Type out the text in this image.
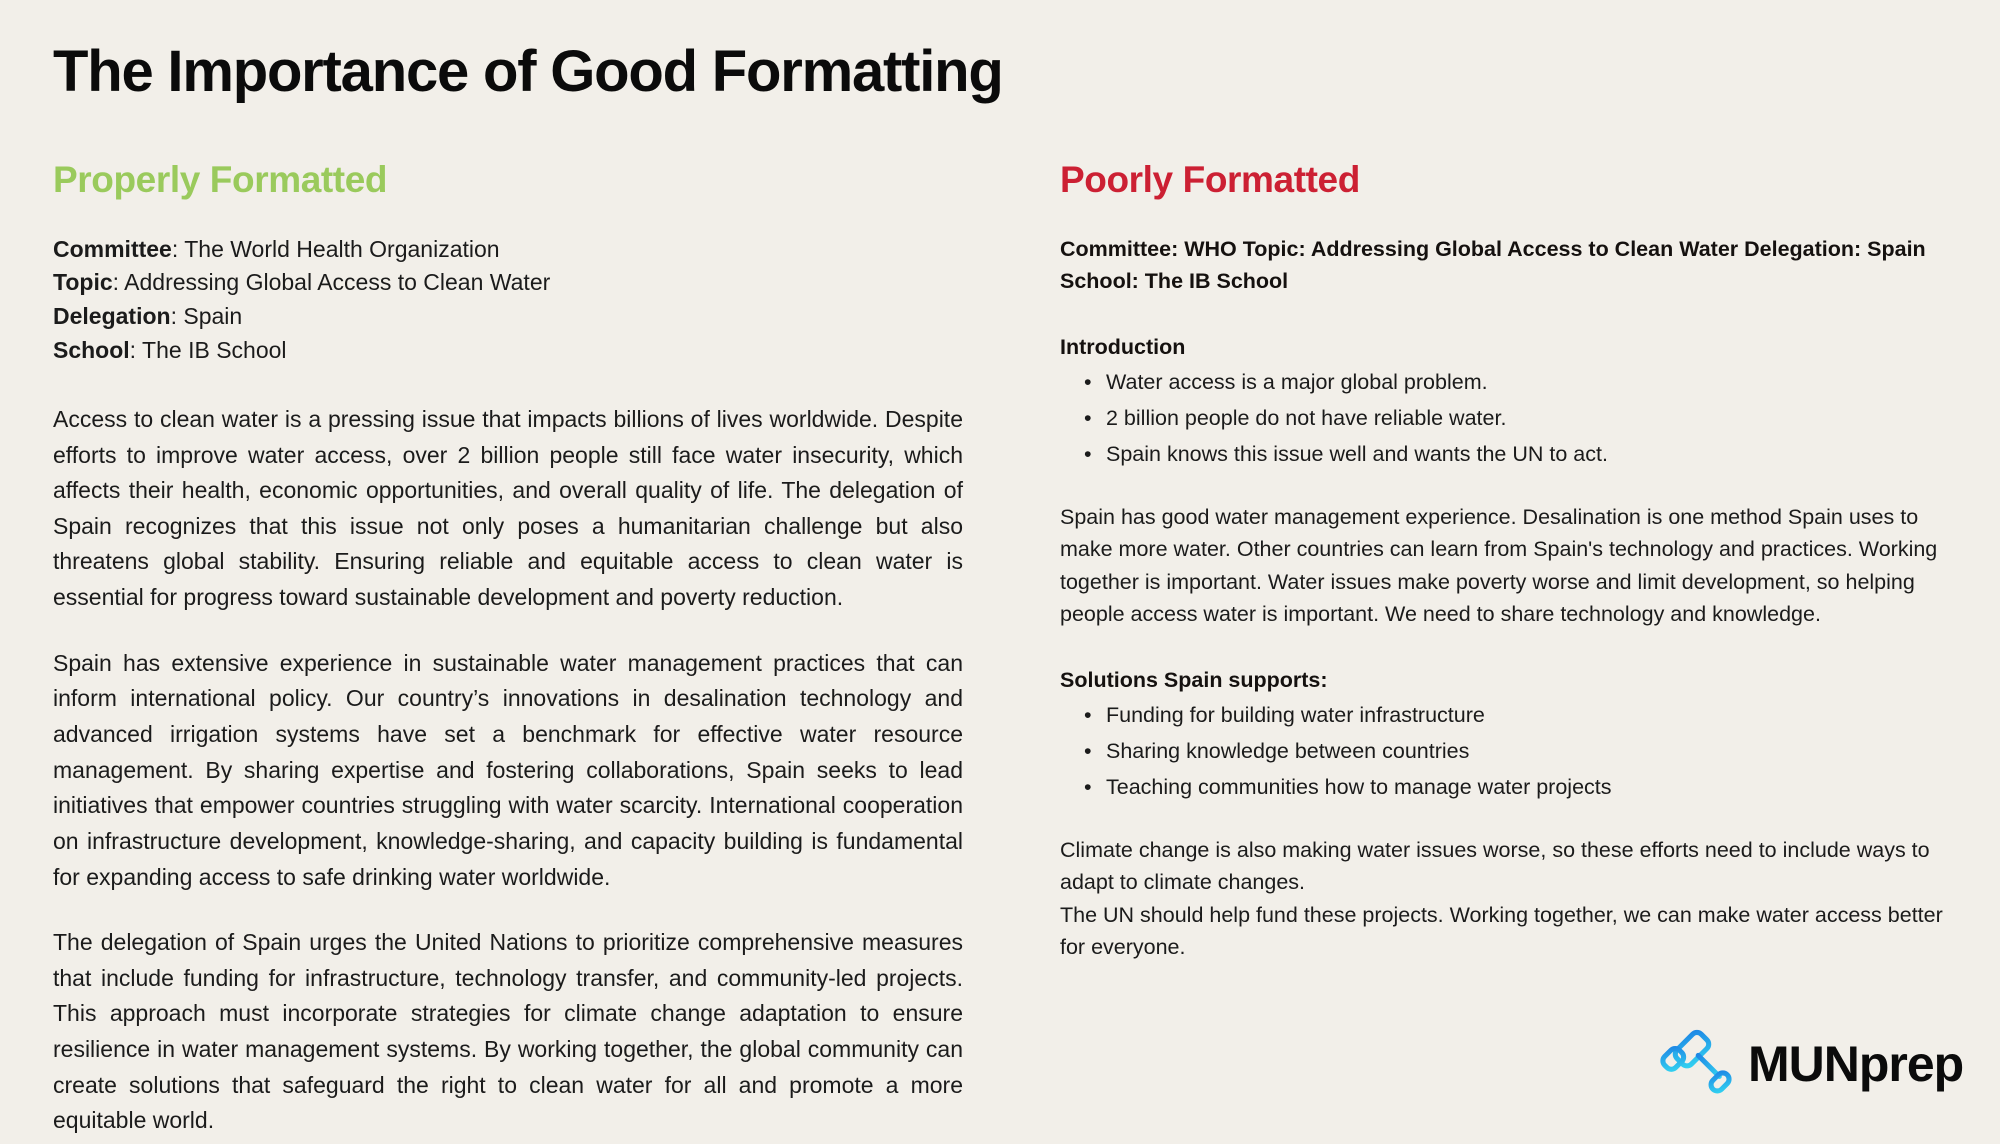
The Importance of Good Formatting
Properly Formatted
Committee: The World Health Organization
Topic: Addressing Global Access to Clean Water
Delegation: Spain
School: The IB School

Access to clean water is a pressing issue that impacts billions of lives worldwide. Despite efforts to improve water access, over 2 billion people still face water insecurity, which affects their health, economic opportunities, and overall quality of life. The delegation of Spain recognizes that this issue not only poses a humanitarian challenge but also threatens global stability. Ensuring reliable and equitable access to clean water is essential for progress toward sustainable development and poverty reduction.

Spain has extensive experience in sustainable water management practices that can inform international policy. Our country’s innovations in desalination technology and advanced irrigation systems have set a benchmark for effective water resource management. By sharing expertise and fostering collaborations, Spain seeks to lead initiatives that empower countries struggling with water scarcity. International cooperation on infrastructure development, knowledge-sharing, and capacity building is fundamental for expanding access to safe drinking water worldwide.

The delegation of Spain urges the United Nations to prioritize comprehensive measures that include funding for infrastructure, technology transfer, and community-led projects. This approach must incorporate strategies for climate change adaptation to ensure resilience in water management systems. By working together, the global community can create solutions that safeguard the right to clean water for all and promote a more equitable world.

Poorly Formatted
Committee: WHO Topic: Addressing Global Access to Clean Water Delegation: Spain School: The IB School
Introduction
• Water access is a major global problem.
• 2 billion people do not have reliable water.
• Spain knows this issue well and wants the UN to act.

Spain has good water management experience. Desalination is one method Spain uses to make more water. Other countries can learn from Spain's technology and practices. Working together is important. Water issues make poverty worse and limit development, so helping people access water is important. We need to share technology and knowledge.

Solutions Spain supports:
• Funding for building water infrastructure
• Sharing knowledge between countries
• Teaching communities how to manage water projects

Climate change is also making water issues worse, so these efforts need to include ways to adapt to climate changes.

The UN should help fund these projects. Working together, we can make water access better for everyone.

MUNprep
